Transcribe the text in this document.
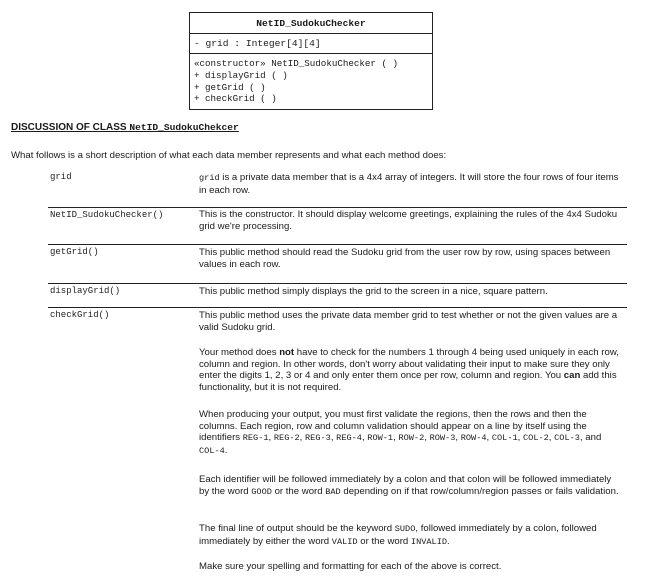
NetID_SudokuChecker
- grid : Integer[4][4]
«constructor» NetID_SudokuChecker ( )
+ displayGrid ( )
+ getGrid ( )
+ checkGrid ( )
DISCUSSION OF CLASS NetID_SudokuChekcer
What follows is a short description of what each data member represents and what each method does:
grid	grid is a private data member that is a 4x4 array of integers. It will store the four rows of four items in each row.

NetID_SudokuChecker()	This is the constructor. It should display welcome greetings, explaining the rules of the 4x4 Sudoku grid we're processing.

getGrid()	This public method should read the Sudoku grid from the user row by row, using spaces between values in each row.

displayGrid()	This public method simply displays the grid to the screen in a nice, square pattern.

checkGrid()	This public method uses the private data member grid to test whether or not the given values are a valid Sudoku grid.

Your method does not have to check for the numbers 1 through 4 being used uniquely in each row, column and region. In other words, don't worry about validating their input to make sure they only enter the digits 1, 2, 3 or 4 and only enter them once per row, column and region. You can add this functionality, but it is not required.

When producing your output, you must first validate the regions, then the rows and then the columns. Each region, row and column validation should appear on a line by itself using the identifiers REG-1, REG-2, REG-3, REG-4, ROW-1, ROW-2, ROW-3, ROW-4, COL-1, COL-2, COL-3, and COL-4.

Each identifier will be followed immediately by a colon and that colon will be followed immediately by the word GOOD or the word BAD depending on if that row/column/region passes or fails validation.

The final line of output should be the keyword SUDO, followed immediately by a colon, followed immediately by either the word VALID or the word INVALID.

Make sure your spelling and formatting for each of the above is correct.
